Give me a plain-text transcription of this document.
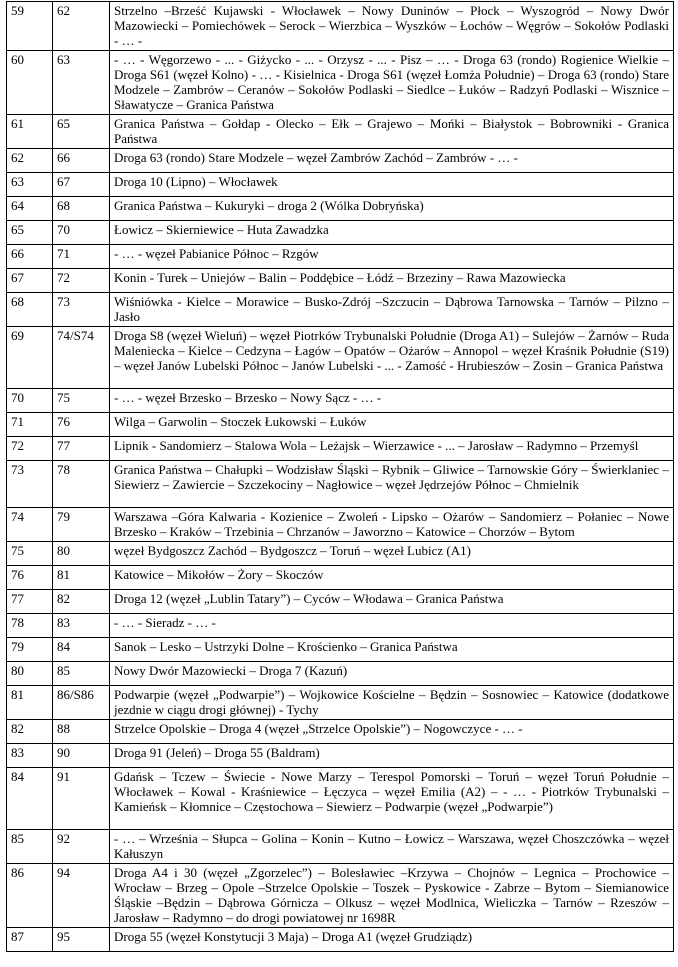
59	62	Strzelno –Brześć Kujawski - Włocławek – Nowy Duninów – Płock – Wyszogród – Nowy Dwór Mazowiecki – Pomiechówek – Serock – Wierzbica – Wyszków – Łochów – Węgrów – Sokołów Podlaski - … -
60	63	- … - Węgorzewo - ... - Giżycko - ... - Orzysz - ... - Pisz – … - Droga 63 (rondo) Rogienice Wielkie – Droga S61 (węzeł Kolno) - … - Kisielnica - Droga S61 (węzeł Łomża Południe) – Droga 63 (rondo) Stare Modzele – Zambrów – Ceranów – Sokołów Podlaski – Siedlce – Łuków – Radzyń Podlaski – Wisznice – Sławatycze – Granica Państwa
61	65	Granica Państwa – Gołdap - Olecko – Ełk – Grajewo – Mońki – Białystok – Bobrowniki - Granica Państwa
62	66	Droga 63 (rondo) Stare Modzele – węzeł Zambrów Zachód – Zambrów - … -
63	67	Droga 10 (Lipno) – Włocławek
64	68	Granica Państwa – Kukuryki – droga 2 (Wólka Dobryńska)
65	70	Łowicz – Skierniewice – Huta Zawadzka
66	71	- … - węzeł Pabianice Północ – Rzgów
67	72	Konin - Turek – Uniejów – Balin – Poddębice – Łódź – Brzeziny – Rawa Mazowiecka
68	73	Wiśniówka - Kielce – Morawice – Busko-Zdrój –Szczucin – Dąbrowa Tarnowska – Tarnów – Pilzno – Jasło
69	74/S74	Droga S8 (węzeł Wieluń) – węzeł Piotrków Trybunalski Południe (Droga A1) – Sulejów – Żarnów – Ruda Maleniecka – Kielce – Cedzyna – Łagów – Opatów – Ożarów – Annopol – węzeł Kraśnik Południe (S19) – węzeł Janów Lubelski Północ – Janów Lubelski - ... - Zamość - Hrubieszów – Zosin – Granica Państwa
70	75	- … - węzeł Brzesko – Brzesko – Nowy Sącz - … -
71	76	Wilga – Garwolin – Stoczek Łukowski – Łuków
72	77	Lipnik - Sandomierz – Stalowa Wola – Leżajsk – Wierzawice - ... – Jarosław – Radymno – Przemyśl
73	78	Granica Państwa – Chałupki – Wodzisław Śląski – Rybnik – Gliwice – Tarnowskie Góry – Świerklaniec – Siewierz – Zawiercie – Szczekociny – Nagłowice – węzeł Jędrzejów Północ – Chmielnik
74	79	Warszawa –Góra Kalwaria - Kozienice – Zwoleń - Lipsko – Ożarów – Sandomierz – Połaniec – Nowe Brzesko – Kraków – Trzebinia – Chrzanów – Jaworzno – Katowice – Chorzów – Bytom
75	80	węzeł Bydgoszcz Zachód – Bydgoszcz – Toruń – węzeł Lubicz (A1)
76	81	Katowice – Mikołów – Żory – Skoczów
77	82	Droga 12 (węzeł „Lublin Tatary”) – Cyców – Włodawa – Granica Państwa
78	83	- … - Sieradz - … -
79	84	Sanok – Lesko – Ustrzyki Dolne – Krościenko – Granica Państwa
80	85	Nowy Dwór Mazowiecki – Droga 7 (Kazuń)
81	86/S86	Podwarpie (węzeł „Podwarpie”) – Wojkowice Kościelne – Będzin – Sosnowiec – Katowice (dodatkowe jezdnie w ciągu drogi głównej) - Tychy
82	88	Strzelce Opolskie – Droga 4 (węzeł „Strzelce Opolskie”) – Nogowczyce - … -
83	90	Droga 91 (Jeleń) – Droga 55 (Baldram)
84	91	Gdańsk – Tczew – Świecie - Nowe Marzy – Terespol Pomorski – Toruń – węzeł Toruń Południe – Włocławek – Kowal - Kraśniewice – Łęczyca – węzeł Emilia (A2) – - … - Piotrków Trybunalski – Kamieńsk – Kłomnice – Częstochowa – Siewierz – Podwarpie (węzeł „Podwarpie”)
85	92	- … – Września – Słupca – Golina – Konin – Kutno – Łowicz – Warszawa, węzeł Choszczówka – węzeł Kałuszyn
86	94	Droga A4 i 30 (węzeł „Zgorzelec”) – Bolesławiec –Krzywa – Chojnów – Legnica – Prochowice – Wrocław – Brzeg – Opole –Strzelce Opolskie – Toszek – Pyskowice - Zabrze – Bytom – Siemianowice Śląskie –Będzin – Dąbrowa Górnicza – Olkusz – węzeł Modlnica, Wieliczka – Tarnów – Rzeszów – Jarosław – Radymno – do drogi powiatowej nr 1698R
87	95	Droga 55 (węzeł Konstytucji 3 Maja) – Droga A1 (węzeł Grudziądz)
